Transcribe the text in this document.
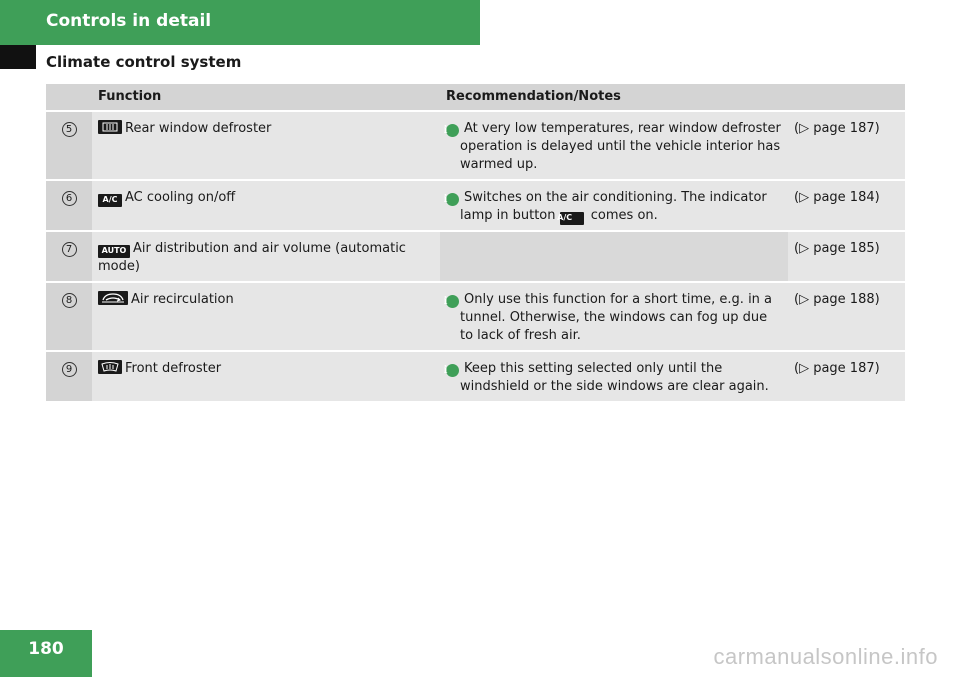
Controls in detail
Climate control system
	Function	Recommendation/Notes	
5	Rear window defroster	i At very low temperatures, rear window defroster operation is delayed until the vehicle interior has warmed up.	(▷ page 187)
6	A/C AC cooling on/off	i Switches on the air conditioning. The indicator lamp in button A/C comes on.	(▷ page 184)
7	AUTO Air distribution and air volume (automatic mode)		(▷ page 185)
8	Air recirculation	i Only use this function for a short time, e.g. in a tunnel. Otherwise, the windows can fog up due to lack of fresh air.	(▷ page 188)
9	Front defroster	i Keep this setting selected only until the windshield or the side windows are clear again.	(▷ page 187)
180	carmanualsonline.info
